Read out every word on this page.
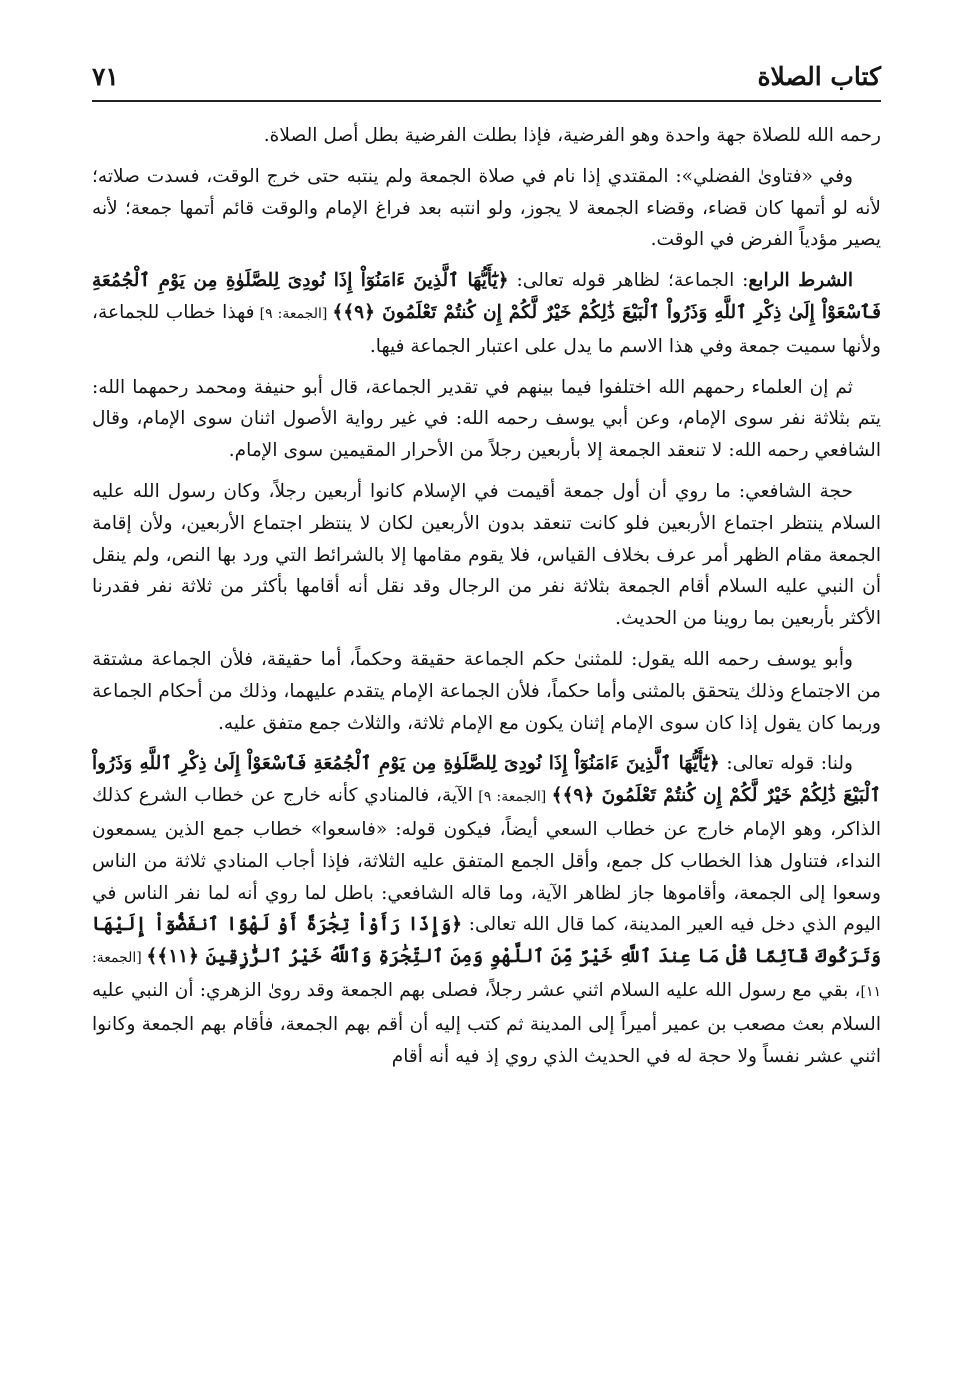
كتاب الصلاة
٧١

رحمه الله للصلاة جهة واحدة وهو الفرضية، فإذا بطلت الفرضية بطل أصل الصلاة.

وفي «فتاوىٰ الفضلي»: المقتدي إذا نام في صلاة الجمعة ولم ينتبه حتى خرج الوقت، فسدت صلاته؛ لأنه لو أتمها كان قضاء، وقضاء الجمعة لا يجوز، ولو انتبه بعد فراغ الإمام والوقت قائم أتمها جمعة؛ لأنه يصير مؤدياً الفرض في الوقت.

الشرط الرابع: الجماعة؛ لظاهر قوله تعالى: ﴿يَٰٓأَيُّهَا ٱلَّذِينَ ءَامَنُوٓاْ إِذَا نُودِىَ لِلصَّلَوٰةِ مِن يَوْمِ ٱلْجُمُعَةِ فَٱسْعَوْاْ إِلَىٰ ذِكْرِ ٱللَّهِ وَذَرُواْ ٱلْبَيْعَ ذَٰلِكُمْ خَيْرٌ لَّكُمْ إِن كُنتُمْ تَعْلَمُونَ ﴿٩﴾﴾ [الجمعة: ٩] فهذا خطاب للجماعة، ولأنها سميت جمعة وفي هذا الاسم ما يدل على اعتبار الجماعة فيها.

ثم إن العلماء رحمهم الله اختلفوا فيما بينهم في تقدير الجماعة، قال أبو حنيفة ومحمد رحمهما الله: يتم بثلاثة نفر سوى الإمام، وعن أبي يوسف رحمه الله: في غير رواية الأصول اثنان سوى الإمام، وقال الشافعي رحمه الله: لا تنعقد الجمعة إلا بأربعين رجلاً من الأحرار المقيمين سوى الإمام.

حجة الشافعي: ما روي أن أول جمعة أقيمت في الإسلام كانوا أربعين رجلاً، وكان رسول الله عليه السلام ينتظر اجتماع الأربعين فلو كانت تنعقد بدون الأربعين لكان لا ينتظر اجتماع الأربعين، ولأن إقامة الجمعة مقام الظهر أمر عرف بخلاف القياس، فلا يقوم مقامها إلا بالشرائط التي ورد بها النص، ولم ينقل أن النبي عليه السلام أقام الجمعة بثلاثة نفر من الرجال وقد نقل أنه أقامها بأكثر من ثلاثة نفر فقدرنا الأكثر بأربعين بما روينا من الحديث.

وأبو يوسف رحمه الله يقول: للمثنىٰ حكم الجماعة حقيقة وحكماً، أما حقيقة، فلأن الجماعة مشتقة من الاجتماع وذلك يتحقق بالمثنى وأما حكماً، فلأن الجماعة الإمام يتقدم عليهما، وذلك من أحكام الجماعة وربما كان يقول إذا كان سوى الإمام إثنان يكون مع الإمام ثلاثة، والثلاث جمع متفق عليه.

ولنا: قوله تعالى: ﴿يَٰٓأَيُّهَا ٱلَّذِينَ ءَامَنُوٓاْ إِذَا نُودِىَ لِلصَّلَوٰةِ مِن يَوْمِ ٱلْجُمُعَةِ فَٱسْعَوْاْ إِلَىٰ ذِكْرِ ٱللَّهِ وَذَرُواْ ٱلْبَيْعَ ذَٰلِكُمْ خَيْرٌ لَّكُمْ إِن كُنتُمْ تَعْلَمُونَ ﴿٩﴾﴾ [الجمعة: ٩] الآية، فالمنادي كأنه خارج عن خطاب الشرع كذلك الذاكر، وهو الإمام خارج عن خطاب السعي أيضاً، فيكون قوله: «فاسعوا» خطاب جمع الذين يسمعون النداء، فتناول هذا الخطاب كل جمع، وأقل الجمع المتفق عليه الثلاثة، فإذا أجاب المنادي ثلاثة من الناس وسعوا إلى الجمعة، وأقاموها جاز لظاهر الآية، وما قاله الشافعي: باطل لما روي أنه لما نفر الناس في اليوم الذي دخل فيه العير المدينة، كما قال الله تعالى: ﴿وَإِذَا رَأَوْاْ تِجَٰرَةً أَوْ لَهْوًا ٱنفَضُّوٓاْ إِلَيْهَا وَتَرَكُوكَ قَآئِمًا قُلْ مَا عِندَ ٱللَّهِ خَيْرٌ مِّنَ ٱللَّهْوِ وَمِنَ ٱلتِّجَٰرَةِ وَٱللَّهُ خَيْرُ ٱلرَّٰزِقِينَ ﴿١١﴾﴾ [الجمعة: ١١]، بقي مع رسول الله عليه السلام اثني عشر رجلاً، فصلى بهم الجمعة وقد روىٰ الزهري: أن النبي عليه السلام بعث مصعب بن عمير أميراً إلى المدينة ثم كتب إليه أن أقم بهم الجمعة، فأقام بهم الجمعة وكانوا اثني عشر نفساً ولا حجة له في الحديث الذي روي إذ فيه أنه أقام
